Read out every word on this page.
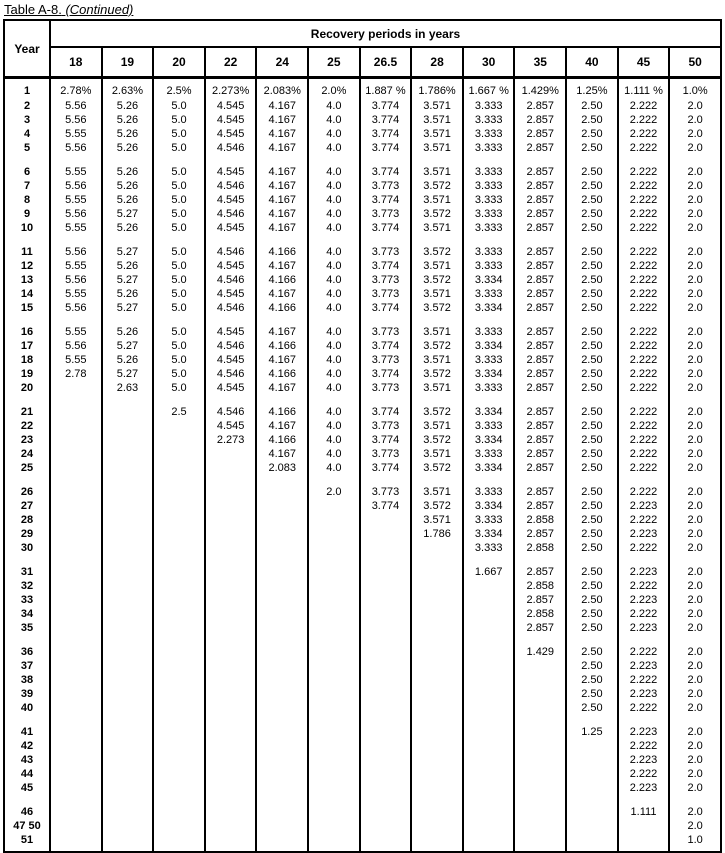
Table A-8. (Continued)
Year	Recovery periods in years												
	18	19	20	22	24	25	26.5	28	30	35	40	45	50
1	2.78%	2.63%	2.5%	2.273%	2.083%	2.0%	1.887 %	1.786%	1.667 %	1.429%	1.25%	1.111 %	1.0%
2	5.56	5.26	5.0	4.545	4.167	4.0	3.774	3.571	3.333	2.857	2.50	2.222	2.0
3	5.56	5.26	5.0	4.545	4.167	4.0	3.774	3.571	3.333	2.857	2.50	2.222	2.0
4	5.55	5.26	5.0	4.545	4.167	4.0	3.774	3.571	3.333	2.857	2.50	2.222	2.0
5	5.56	5.26	5.0	4.546	4.167	4.0	3.774	3.571	3.333	2.857	2.50	2.222	2.0

6	5.55	5.26	5.0	4.545	4.167	4.0	3.774	3.571	3.333	2.857	2.50	2.222	2.0
7	5.56	5.26	5.0	4.546	4.167	4.0	3.773	3.572	3.333	2.857	2.50	2.222	2.0
8	5.55	5.26	5.0	4.545	4.167	4.0	3.774	3.571	3.333	2.857	2.50	2.222	2.0
9	5.56	5.27	5.0	4.546	4.167	4.0	3.773	3.572	3.333	2.857	2.50	2.222	2.0
10	5.55	5.26	5.0	4.545	4.167	4.0	3.774	3.571	3.333	2.857	2.50	2.222	2.0

11	5.56	5.27	5.0	4.546	4.166	4.0	3.773	3.572	3.333	2.857	2.50	2.222	2.0
12	5.55	5.26	5.0	4.545	4.167	4.0	3.774	3.571	3.333	2.857	2.50	2.222	2.0
13	5.56	5.27	5.0	4.546	4.166	4.0	3.773	3.572	3.334	2.857	2.50	2.222	2.0
14	5.55	5.26	5.0	4.545	4.167	4.0	3.773	3.571	3.333	2.857	2.50	2.222	2.0
15	5.56	5.27	5.0	4.546	4.166	4.0	3.774	3.572	3.334	2.857	2.50	2.222	2.0

16	5.55	5.26	5.0	4.545	4.167	4.0	3.773	3.571	3.333	2.857	2.50	2.222	2.0
17	5.56	5.27	5.0	4.546	4.166	4.0	3.774	3.572	3.334	2.857	2.50	2.222	2.0
18	5.55	5.26	5.0	4.545	4.167	4.0	3.773	3.571	3.333	2.857	2.50	2.222	2.0
19	2.78	5.27	5.0	4.546	4.166	4.0	3.774	3.572	3.334	2.857	2.50	2.222	2.0
20		2.63	5.0	4.545	4.167	4.0	3.773	3.571	3.333	2.857	2.50	2.222	2.0

21			2.5	4.546	4.166	4.0	3.774	3.572	3.334	2.857	2.50	2.222	2.0
22				4.545	4.167	4.0	3.773	3.571	3.333	2.857	2.50	2.222	2.0
23				2.273	4.166	4.0	3.774	3.572	3.334	2.857	2.50	2.222	2.0
24					4.167	4.0	3.773	3.571	3.333	2.857	2.50	2.222	2.0
25					2.083	4.0	3.774	3.572	3.334	2.857	2.50	2.222	2.0

26						2.0	3.773	3.571	3.333	2.857	2.50	2.222	2.0
27							3.774	3.572	3.334	2.857	2.50	2.223	2.0
28								3.571	3.333	2.858	2.50	2.222	2.0
29								1.786	3.334	2.857	2.50	2.223	2.0
30									3.333	2.858	2.50	2.222	2.0

31									1.667	2.857	2.50	2.223	2.0
32										2.858	2.50	2.222	2.0
33										2.857	2.50	2.223	2.0
34										2.858	2.50	2.222	2.0
35										2.857	2.50	2.223	2.0

36										1.429	2.50	2.222	2.0
37											2.50	2.223	2.0
38											2.50	2.222	2.0
39											2.50	2.223	2.0
40											2.50	2.222	2.0

41											1.25	2.223	2.0
42												2.222	2.0
43												2.223	2.0
44												2.222	2.0
45												2.223	2.0

46												1.111	2.0
47 50													2.0
51													1.0
